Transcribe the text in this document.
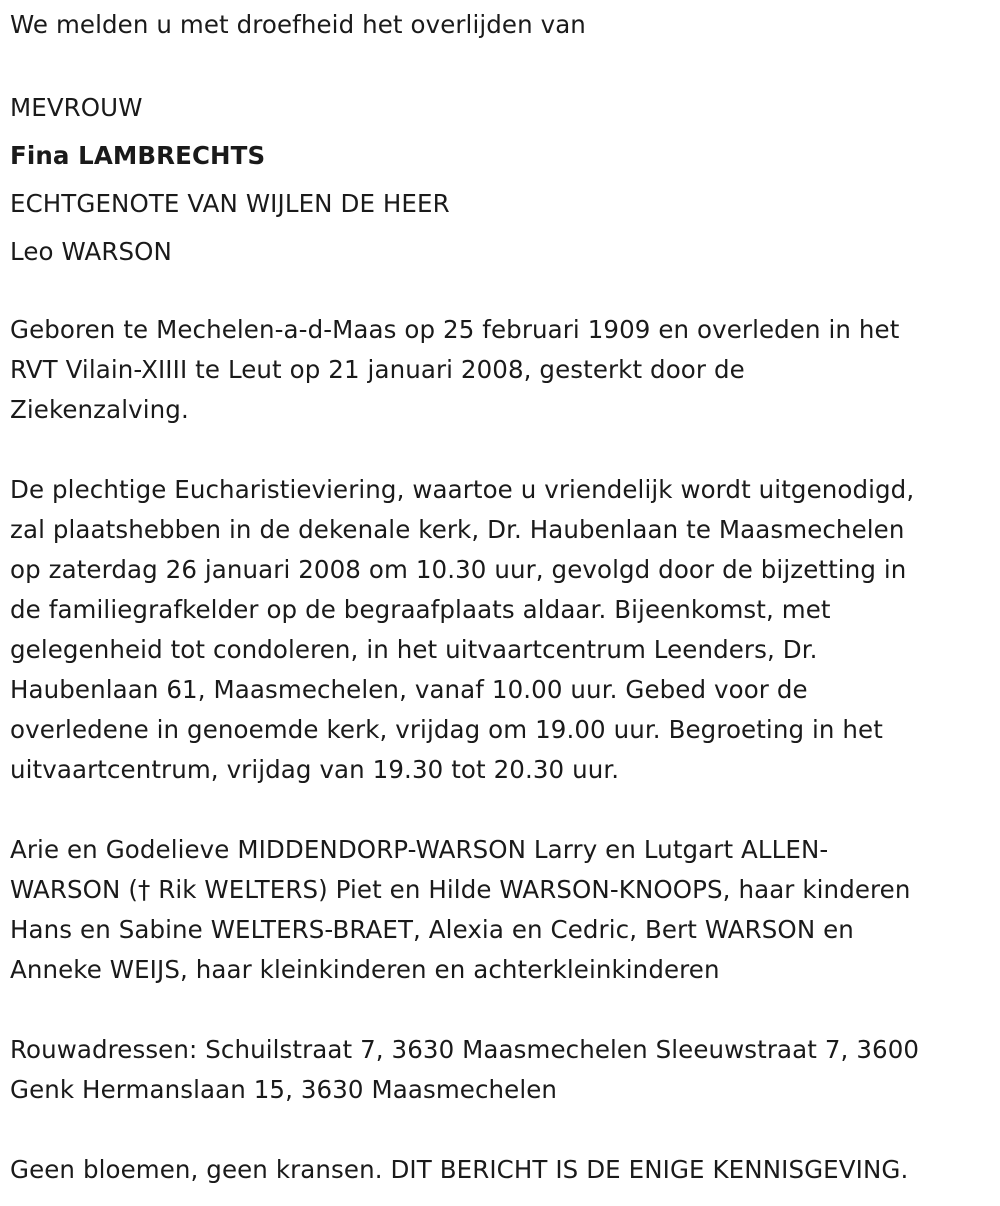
We melden u met droefheid het overlijden van
MEVROUW
Fina LAMBRECHTS
ECHTGENOTE VAN WIJLEN DE HEER
Leo WARSON
Geboren te Mechelen-a-d-Maas op 25 februari 1909 en overleden in het
RVT Vilain-XIIII te Leut op 21 januari 2008, gesterkt door de
Ziekenzalving.
De plechtige Eucharistieviering, waartoe u vriendelijk wordt uitgenodigd,
zal plaatshebben in de dekenale kerk, Dr. Haubenlaan te Maasmechelen
op zaterdag 26 januari 2008 om 10.30 uur, gevolgd door de bijzetting in
de familiegrafkelder op de begraafplaats aldaar. Bijeenkomst, met
gelegenheid tot condoleren, in het uitvaartcentrum Leenders, Dr.
Haubenlaan 61, Maasmechelen, vanaf 10.00 uur. Gebed voor de
overledene in genoemde kerk, vrijdag om 19.00 uur. Begroeting in het
uitvaartcentrum, vrijdag van 19.30 tot 20.30 uur.
Arie en Godelieve MIDDENDORP-WARSON Larry en Lutgart ALLEN-
WARSON († Rik WELTERS) Piet en Hilde WARSON-KNOOPS, haar kinderen
Hans en Sabine WELTERS-BRAET, Alexia en Cedric, Bert WARSON en
Anneke WEIJS, haar kleinkinderen en achterkleinkinderen
Rouwadressen: Schuilstraat 7, 3630 Maasmechelen Sleeuwstraat 7, 3600
Genk Hermanslaan 15, 3630 Maasmechelen
Geen bloemen, geen kransen. DIT BERICHT IS DE ENIGE KENNISGEVING.
